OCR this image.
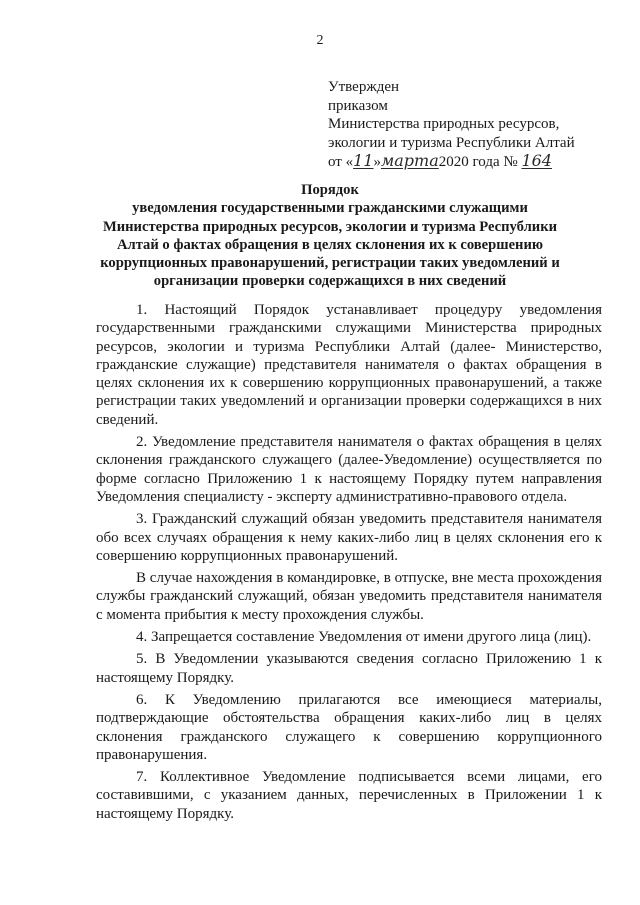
2
Утвержден
приказом
Министерства природных ресурсов,
экологии и туризма Республики Алтай
от «11»марта2020 года № 164
Порядок
уведомления государственными гражданскими служащими
Министерства природных ресурсов, экологии и туризма Республики
Алтай о фактах обращения в целях склонения их к совершению
коррупционных правонарушений, регистрации таких уведомлений и
организации проверки содержащихся в них сведений

1. Настоящий Порядок устанавливает процедуру уведомления государственными гражданскими служащими Министерства природных ресурсов, экологии и туризма Республики Алтай (далее- Министерство, гражданские служащие) представителя нанимателя о фактах обращения в целях склонения их к совершению коррупционных правонарушений, а также регистрации таких уведомлений и организации проверки содержащихся в них сведений.

2. Уведомление представителя нанимателя о фактах обращения в целях склонения гражданского служащего (далее-Уведомление) осуществляется по форме согласно Приложению 1 к настоящему Порядку путем направления Уведомления специалисту - эксперту административно-правового отдела.

3. Гражданский служащий обязан уведомить представителя нанимателя обо всех случаях обращения к нему каких-либо лиц в целях склонения его к совершению коррупционных правонарушений.

В случае нахождения в командировке, в отпуске, вне места прохождения службы гражданский служащий, обязан уведомить представителя нанимателя с момента прибытия к месту прохождения службы.

4. Запрещается составление Уведомления от имени другого лица (лиц).

5. В Уведомлении указываются сведения согласно Приложению 1 к настоящему Порядку.

6. К Уведомлению прилагаются все имеющиеся материалы, подтверждающие обстоятельства обращения каких-либо лиц в целях склонения гражданского служащего к совершению коррупционного правонарушения.

7. Коллективное Уведомление подписывается всеми лицами, его составившими, с указанием данных, перечисленных в Приложении 1 к настоящему Порядку.
